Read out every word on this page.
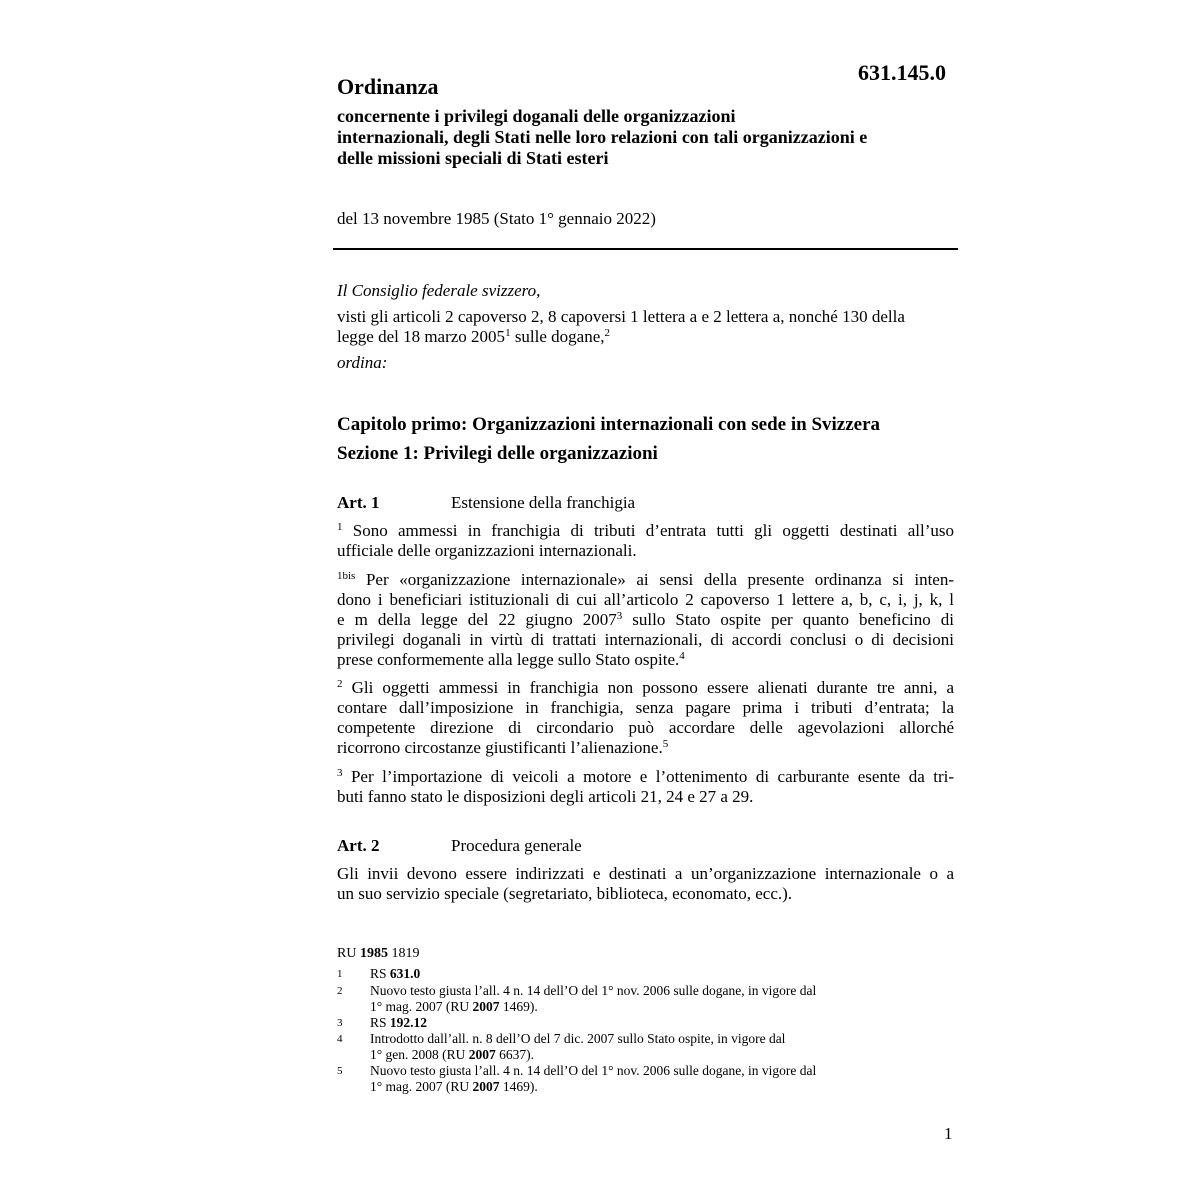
631.145.0
Ordinanza
concernente i privilegi doganali delle organizzazioni
internazionali, degli Stati nelle loro relazioni con tali organizzazioni e
delle missioni speciali di Stati esteri
del 13 novembre 1985 (Stato 1° gennaio 2022)
Il Consiglio federale svizzero,
visti gli articoli 2 capoverso 2, 8 capoversi 1 lettera a e 2 lettera a, nonché 130 della
legge del 18 marzo 2005$^1$ sulle dogane,$^2$
ordina:
Capitolo primo: Organizzazioni internazionali con sede in Svizzera
Sezione 1: Privilegi delle organizzazioni
Art. 1	Estensione della franchigia
$^1$ Sono ammessi in franchigia di tributi d’entrata tutti gli oggetti destinati all’uso
ufficiale delle organizzazioni internazionali.
$^{1bis}$ Per «organizzazione internazionale» ai sensi della presente ordinanza si inten-
dono i beneficiari istituzionali di cui all’articolo 2 capoverso 1 lettere a, b, c, i, j, k, l
e m della legge del 22 giugno 2007$^3$ sullo Stato ospite per quanto beneficino di
privilegi doganali in virtù di trattati internazionali, di accordi conclusi o di decisioni
prese conformemente alla legge sullo Stato ospite.$^4$
$^2$ Gli oggetti ammessi in franchigia non possono essere alienati durante tre anni, a
contare dall’imposizione in franchigia, senza pagare prima i tributi d’entrata; la
competente direzione di circondario può accordare delle agevolazioni allorché
ricorrono circostanze giustificanti l’alienazione.$^5$
$^3$ Per l’importazione di veicoli a motore e l’ottenimento di carburante esente da tri-
buti fanno stato le disposizioni degli articoli 21, 24 e 27 a 29.
Art. 2	Procedura generale
Gli invii devono essere indirizzati e destinati a un’organizzazione internazionale o a
un suo servizio speciale (segretariato, biblioteca, economato, ecc.).
RU 1985 1819
1 RS 631.0
2 Nuovo testo giusta l’all. 4 n. 14 dell’O del 1° nov. 2006 sulle dogane, in vigore dal
1° mag. 2007 (RU 2007 1469).
3 RS 192.12
4 Introdotto dall’all. n. 8 dell’O del 7 dic. 2007 sullo Stato ospite, in vigore dal
1° gen. 2008 (RU 2007 6637).
5 Nuovo testo giusta l’all. 4 n. 14 dell’O del 1° nov. 2006 sulle dogane, in vigore dal
1° mag. 2007 (RU 2007 1469).
1
